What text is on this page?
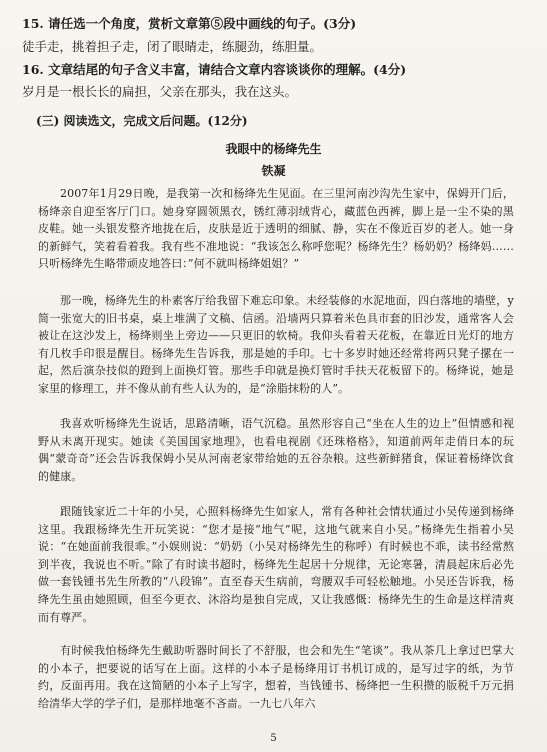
15. 请任选一个角度，赏析文章第⑤段中画线的句子。(3分)
徒手走，挑着担子走，闭了眼睛走，练腿劲，练胆量。
16. 文章结尾的句子含义丰富，请结合文章内容谈谈你的理解。(4分)
岁月是一根长长的扁担，父亲在那头，我在这头。
(三) 阅读选文，完成文后问题。(12分)
我眼中的杨绛先生
铁凝

2007年1月29日晚，是我第一次和杨绛先生见面。在三里河南沙沟先生家中，保姆开门后，杨绛亲自迎至客厅门口。她身穿圆领黑衣，锈红薄羽绒背心，藏蓝色西裤，脚上是一尘不染的黑皮鞋。她一头银发整齐地拢在后，皮肤是近于透明的细腻、静，实在不像近百岁的老人。她一身的新鲜气，笑着看着我。我有些不准地说：“我该怎么称呼您呢？杨绛先生？杨奶奶？杨绛妈……只听杨绛先生略带顽皮地答曰：”何不就叫杨绛姐姐？”

那一晚，杨绛先生的朴素客厅给我留下难忘印象。未经装修的水泥地面，四白落地的墙壁，у简一张宽大的旧书桌，桌上堆满了文稿、信函。沿墙两只算着米色具市套的旧沙发，通常客人会被让在这沙发上，杨绛则坐上旁边——只更旧的软椅。我仰头看着天花板，在靠近日光灯的地方有几枚手印很是醒目。杨绛先生告诉我，那是她的手印。七十多岁时她还经常将两只凳子摞在一起，然后演杂技似的蹬到上面换灯管。那些手印就是换灯管时手扶天花板留下的。杨绛说，她是家里的修理工，并不像从前有些人认为的，是“涂脂抹粉的人”。

我喜欢听杨绛先生说话，思路清晰，语气沉稳。虽然形容自己“坐在人生的边上”但情感和视野从未离开现实。她读《美国国家地理》，也看电视剧《还珠格格》，知道前两年走俏日本的玩偶“蒙奇奇”还会告诉我保姆小吴从河南老家带给她的五谷杂粮。这些新鲜猪食，保证着杨绛饮食的健康。

跟随钱家近二十年的小吴，心照料杨绛先生如家人，常有各种社会情状通过小吴传递到杨绛这里。我跟杨绛先生开玩笑说：“您才是接“地气”呢，这地气就来自小吴。”杨绛先生指着小吴说：“在她面前我很乖。”小娱则说：“奶奶（小吴对杨绛先生的称呼）有时候也不乖，读书经常熬到半夜，我说也不听。”除了有时读书超时，杨绛先生起居十分规律，无论寒暑，清晨起床后必先做一套钱锺书先生所教的“八段锦”。直至春天生病前，弯腰双手可轻松触地。小吴还告诉我，杨绛先生虽由她照顾，但至今更衣、沐浴均是独自完成，又让我感慨：杨绛先生的生命是这样清爽而有尊严。

有时候我怕杨绛先生戴助听器时间长了不舒服，也会和先生“笔谈”。我从茶几上拿过巴掌大的小本子，把要说的话写在上面。这样的小本子是杨绛用订书机订成的，是写过字的纸，为节约，反面再用。我在这简陋的小本子上写字，想着，当钱锺书、杨绛把一生积攒的版税千万元捐给清华大学的学子们，是那样地毫不吝啬。一九七八年六

5
